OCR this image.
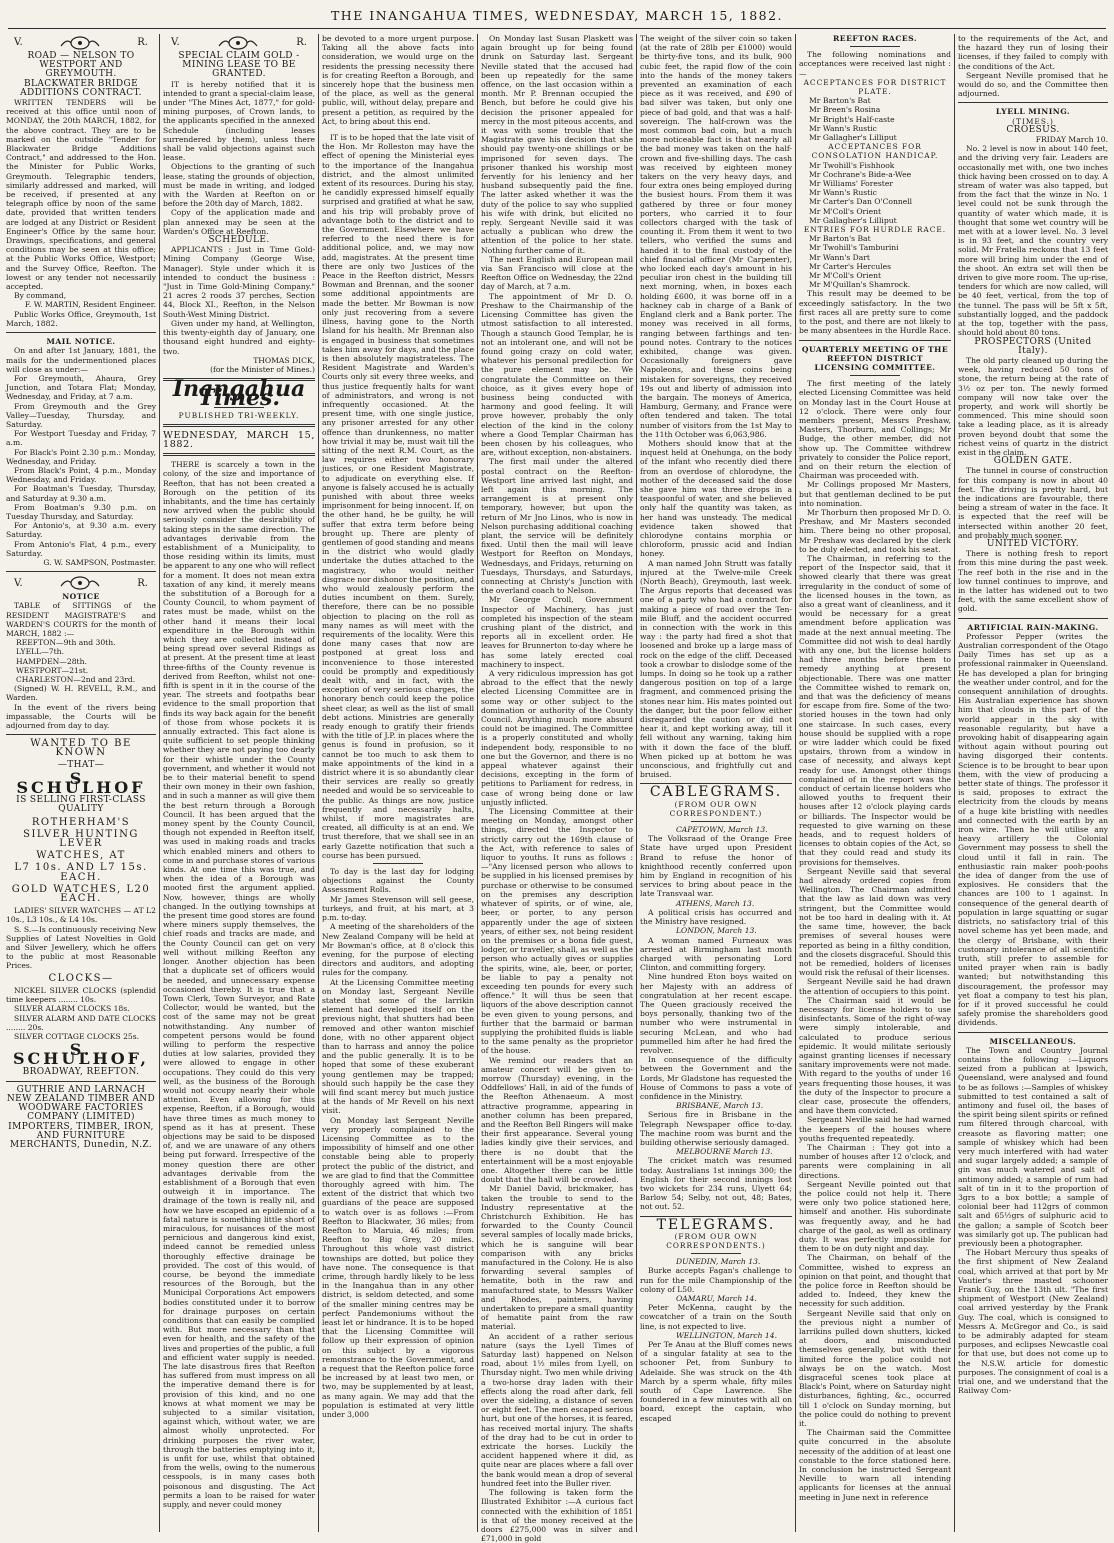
THE INANGAHUA TIMES, WEDNESDAY, MARCH 15, 1882.
V.	R.
ROAD — NELSON TO WESTPORT AND GREYMOUTH.
BLACKWATER BRIDGE ADDITIONS CONTRACT.

WRITTEN TENDERS will be received at this office until noon of MONDAY, the 20th MARCH, 1882, for the above contract. They are to be marked on the outside "Tender for Blackwater Bridge Additions Contract," and addressed to the Hon. the Minister for Public Works, Greymouth. Telegraphic tenders, similarly addressed and marked, will be received, if presented at any telegraph office by noon of the same date, provided that written tenders are lodged at any District or Resident Engineer's Office by the same hour. Drawings, specifications, and general conditions may be seen at this office; at the Public Works Office, Westport; and the Survey Office, Reefton. The lowest or any tender not necessarily accepted.

By command,

F. W. MARTIN, Resident Engineer.

Public Works Office, Greymouth, 1st March, 1882.

MAIL NOTICE.

On and after 1st January, 1881, the mails for the undermentioned places will close as under:—

For Greymouth, Ahaura, Grey Junction, and Totara Flat; Monday, Wednesday, and Friday, at 7 a.m.

From Greymouth and the Grey Valley—Tuesday, Thursday, and Saturday.

For Westport Tuesday and Friday, 7 a.m.

For Black's Point 2.30 p.m.: Monday, Wednesday, and Friday.

From Black's Point, 4 p.m., Monday Wednesday, and Friday.

For Boatman's Tuesday, Thursday, and Saturday at 9.30 a.m.

From Boatman's 9.30 p.m. on Tuesday Thursday, and Saturday.

For Antonio's, at 9.30 a.m. every Saturday.

From Antonio's Flat, 4 p.m., every Saturday.

G. W. SAMPSON, Postmaster.
V.	R.
NOTICE

TABLE of SITTINGS of the RESIDENT MAGISTRATE'S and WARDEN'S COURTS for the month of MARCH, 1882 :—

REEFTON—9th and 30th.

LYELL—7th.

HAMPDEN—28th.

WESTPORT—21st.

CHARLESTON—2nd and 23rd.

(Signed) W. H. REVELL, R.M., and Warden.

In the event of the rivers being impassable, the Courts will be adjourned from day to day.

WANTED TO BE KNOWN
—THAT—
S. SCHULHOF
IS SELLING FIRST-CLASS
QUALITY
ROTHERHAM'S
SILVER HUNTING LEVER
WATCHES, AT
L7 10s. AND L7 15s. EACH.
GOLD WATCHES, L20 EACH.

LADIES' SILVER WATCHES — AT L2 10s., L3 10s., & L4 10s.

S. S.—Is continuously receiving New Supplies of Latest Novelties in Gold and Silver Jewellery, which he offers to the public at most Reasonable Prices.

CLOCKS—

NICKEL SILVER CLOCKS (splendid time keepers ........ 10s.

SILVER ALARM CLOCKS 18s.

SILVER ALARM AND DATE CLOCKS ........ 20s.

SILVER COTTAGE CLOCKS 25s.

S. SCHULHOF,
BROADWAY, REEFTON.
GUTHRIE AND LARNACH NEW ZEALAND TIMBER AND WOODWARE FACTORIES COMPANY (LIMITED)
IMPORTERS, TIMBER, IRON, AND FURNITURE MERCHANTS, Dunedin, N.Z.
V.	R.
SPECIAL CLAIM GOLD - MINING LEASE TO BE GRANTED.

IT is hereby notified that it is intended to grant a special-claim lease, under "The Mines Act, 1877," for gold-mining purposes, of Crown lands, to the applicants specified in the annexed Schedule (including leases surrendered by them), unless there shall be valid objections against such lease.

Objections to the granting of such lease, stating the grounds of objection, must be made in writing, and lodged with the Warden at Reefton on or before the 20th day of March, 1882.

Copy of the application made and plan annexed may be seen at the Warden's Office at Reefton.

SCHEDULE.

APPLICANTS : Just in Time Gold-Mining Company (George Wise, Manager). Style under which it is intended to conduct the business : "Just in Time Gold-Mining Company." 21 acres 2 roods 37 perches, Section 44, Block XI., Reefton, in the Nelson South-West Mining District.

Given under my hand, at Wellington, this twenty-eighth day of January, one thousand eight hundred and eighty-two.

THOMAS DICK,
(for the Minister of Mines.)
Inangahua Times.
PUBLISHED TRI-WEEKLY.
WEDNESDAY, MARCH 15, 1882.

THERE is scarcely a town in the colony, of the size and importance of Reefton, that has not been created a Borough on the petition of its inhabitants, and the time has certainly now arrived when the public should seriously consider the desirability of taking steps in the same direction. The advantages derivable from the establishment of a Municipality, to those residing within its limits, must be apparent to any one who will reflect for a moment. It does not mean extra taxation of any kind, it merely means the substitution of a Borough for a County Council, to whom payment of rates must be made, whilst on the other hand it means their local expenditure in the Borough within which they are collected instead of being spread over several Ridings as at present. At the present time at least three-fifths of the County revenue is derived from Reefton, whilst not one-fifth is spent in it in the course of the year. The streets and footpaths bear evidence to the small proportion that finds its way back again for the benefit of those from whose pockets it is annually extracted. This fact alone is quite sufficient to set people thinking whether they are not paying too dearly for their whistle under the County government, and whether it would not be to their material benefit to spend their own money in their own fashion, and in such a manner as will give them the best return through a Borough Council. It has been argued that the money spent by the County Council, though not expended in Reefton itself, was used in making roads and tracks which enabled miners and others to come in and purchase stores of various kinds. At one time this was true, and when the idea of a Borough was mooted first the argument applied. Now, however, things are wholly changed. In the outlying townships at the present time good stores are found where miners supply themselves, the chief roads and tracks are made, and the County Council can get on very well without milking Reefton any longer. Another objection has been that a duplicate set of officers would be needed, and unnecessary expense occasioned thereby. It is true that a Town Clerk, Town Surveyor, and Rate Collector, would be wanted, but the cost of the same may not be great notwithstanding. Any number of competent persons would be found willing to perform the respective duties at low salaries, provided they were allowed to engage in other occupations. They could do this very well, as the business of the Borough would not occupy nearly their whole attention. Even allowing for this expense, Reefton, if a Borough, would have three times as much money to spend as it has at present. These objections may be said to be disposed of, and we are unaware of any others being put forward. Irrespective of the money question there are other advantages derivable from the establishment of a Borough that even outweigh it in importance. The drainage of the town is really nil, and how we have escaped an epidemic of a fatal nature is something little short of miraculous, for nuisances of the most pernicious and dangerous kind exist, indeed cannot be remedied unless thoroughly effective drainage be provided. The cost of this would, of course, be beyond the immediate resources of the Borough, but the Municipal Corporations Act empowers bodies constituted under it to borrow for drainage purposes on certain conditions that can easily be complied with. But more necessary than that even for health, and the safety of the lives and properties of the public, a full and efficient water supply is needed. The late disastrous fires that Reefton has suffered from must impress on all the imperative demand there is for provision of this kind, and no one knows at what moment we may be subjected to a similar visitation, against which, without water, we are almost wholly unprotected. For drinking purposes the river water, through the batteries emptying into it, is unfit for use, whilst that obtained from the wells, owing to the numerous cesspools, is in many cases both poisonous and disgusting. The Act permits a loan to be raised for water supply, and never could money

be devoted to a more urgent purpose. Taking all the above facts into consideration, we would urge on the residents the pressing necessity there is for creating Reefton a Borough, and sincerely hope that the business men of the place, as well as the general public, will, without delay, prepare and present a petition, as required by the Act, to bring about this end.

IT is to be hoped that the late visit of the Hon. Mr Rolleston may have the effect of opening the Ministerial eyes to the importance of the Inangahua district, and the almost unlimited extent of its resources. During his stay, he candidly expressed himself equally surprised and gratified at what he saw, and his trip will probably prove of advantage both to the district and to the Government. Elsewhere we have referred to the need there is for additional police, and, we may now add, magistrates. At the present time there are only two Justices of the Peace in the Reefton district, Messrs Bowman and Brennan, and the sooner some additional appointments are made the better. Mr Bowman is now only just recovering from a severe illness, having gone to the North Island for his health. Mr Brennan also is engaged in business that sometimes takes him away for days, and the place is then absolutely magistrateless. The Resident Magistrate and Warden's Courts only sit every three weeks, and thus justice frequently halts for want of administrators, and wrong is not infrequently occasioned. At the present time, with one single justice, any prisoner arrested for any other offence than drunkenness, no matter how trivial it may be, must wait till the sitting of the next R.M. Court, as the law requires either two honorary justices, or one Resident Magistrate, to adjudicate on everything else. If anyone is falsely accused he is actually punished with about three weeks imprisonment for being innocent. If, on the other hand, he be guilty, he will suffer that extra term before being brought up. There are plenty of gentlemen of good standing and means in the district who would gladly undertake the duties attached to the magistracy, who would neither disgrace nor dishonor the position, and who would zealously perform the duties incumbent on them. Surely, therefore, there can be no possible objection to placing on the roll as many names as will meet with the requirements of the locality. Were this done many cases that now are postponed at great loss and inconvenience to those interested could be promptly and expeditiously dealt with, and in fact, with the exception of very serious charges, the honorary bench could keep the police sheet clear, as well as the list of small debt actions. Ministries are generally ready enough to gratify their friends with the title of J.P. in places where the genus is found in profusion, so it cannot be too much to ask them to make appointments of the kind in a district where it is so abundantly clear their services are really so greatly needed and would be so serviceable to the public. As things are now, justice frequently and necessarily halts, whilst, if more magistrates are created, all difficulty is at an end. We trust therefore, that we shall see in an early Gazette notification that such a course has been pursued.

To day is the last day for lodging objections against the County Assessment Rolls.

Mr James Stevenson will sell geese, turkeys, and fruit, at his mart, at 3 p.m. to-day.

A meeting of the shareholders of the New Zealand Company will be held at Mr Bowman's office, at 8 o'clock this evening, for the purpose of electing directors and auditors, and adopting rules for the company.

At the Licensing Committee meeting on Monday last, Sergeant Neville stated that some of the larrikin element had developed itself on the previous night, that shutters had been removed and other wanton mischief done, with no other apparent object than to harrass and annoy the police and the public generally. It is to be hoped that some of these exuberant young gentlemen may be trapped; should such happily be the case they will find scant mercy but much justice at the hands of Mr Revell on his next visit.

On Monday last Sergeant Neville very properly complained to the Licensing Committee as to the impossibility of himself and one other constable being able to properly protect the public of the district, and we are glad to find that the Committee thoroughly agreed with him. The extent of the district that which two guardians of the peace are supposed to watch over is as follows :—From Reefton to Blackwater, 36 miles; from Reefton to Maruia, 46 miles; from Reefton to Big Grey, 20 miles. Throughout this whole vast district townships are dotted, but police they have none. The consequence is that crime, through hardly likely to be less in the Inangahua than in any other district, is seldom detected, and some of the smaller mining centres may be perfect Pandemoniums without the least let or hindrance. It is to be hoped that the Licensing Committee will follow up their expression of opinion on this subject by a vigorous remonstrance to the Government, and a request that the Reefton police force be increased by at least two men, or two, may be supplemented by at least, as many again. We may add that the population is estimated at very little under 3,000

On Monday last Susan Plaskett was again brought up for being found drunk on Saturday last. Sergeant Neville stated that the accused had been up repeatedly for the same offence, on the last occasion within a month. Mr P. Brennan occupied the Bench, but before he could give his decision the prisoner appealed for mercy in the most piteous accents, and it was with some trouble that the Magistrate gave his decision that she should pay twenty-one shillings or be imprisoned for seven days. The prisoner thanked his worship most fervently for his leniency and her husband subsequently paid the fine. The latter asked whether it was the duty of the police to say who supplied his wife with drink, but elicited no reply. Sergeant Neville said it was actually a publican who drew the attention of the police to her state. Nothing further came of it.

The next English and European mail via San Francisco will close at the Reefton Office on Wednesday, the 22nd day of March, at 7 a.m.

The appointment of Mr D. O. Preshaw to the Chairmanship of the Licensing Committee has given the utmost satisfaction to all interested. Though a staunch Good Templar, he is not an intolerant one, and will not be found going crazy on cold water, whatever his personal predilection for the pure element may be. We congratulate the Committee on their choice, as it gives every hope of business being conducted with harmony and good feeling. It will prove however, probably the only election of the kind in the colony where a Good Templar Chairman has been chosen by his colleagues, who are, without exception, non-abstainers.

The first mail under the altered postal contract on the Reefton-Westport line arrived last night, and left again this morning. The arrangement is at present only temporary, however, but upon the return of Mr Jno Linos, who is now in Nelson purchasing additional coaching plant, the service will be definitely fixed. Until then the mail will leave Westport for Reefton on Mondays, Wednesdays, and Fridays, returning on Tuesdays, Thursdays, and Saturdays, connecting at Christy's Junction with the overland coach to Nelson.

Mr George Croll, Government Inspector of Machinery, has just completed his inspection of the steam crushing plant of the district, and reports all in excellent order. He leaves for Brunnerton to-day where he has some lately erected coal machinery to inspect.

A very ridiculous impression has got abroad to the effect that the newly elected Licensing Committee are in some way or other subject to the domination or authority of the County Council. Anything much more absurd could not be imagined. The Committee is a properly constituted and wholly independent body, responsible to no one but the Governor, and there is no appeal whatever against their decisions, excepting in the form of petitions to Parliament for redress, in case of wrong being done or law unjustly inflicted.

The Licensing Committee at their meeting on Monday, amongst other things, directed the Inspector to strictly carry out the 169th clause of the Act, with reference to sales of liquor to youths. It runs as follows :—"Any licensed person who allows to be supplied in his licensed premises by purchase or otherwise to be consumed on the premises any description whatever of spirits, or of wine, ale, beer, or porter, to any person apparently under the age of sixteen years, of either sex, not being resident on the premises or a bona fide guest, lodger, or traveller, shall, as well as the person who actually gives or supplies the spirits, wine, ale, beer, or porter, be liable to pay a penalty not exceeding ten pounds for every such offence." It will thus be seen that liquors of the above description cannot be even given to young persons, and further that the barmaid or barman supplying the prohibited fluids is liable to the same penalty as the proprietor of the house.

We remind our readers that an amateur concert will be given to-morrow (Thursday) evening, in the Oddfellows' Hall, in aid of the funds of the Reefton Athenaeum. A most attractive programme, appearing in another column has been prepared, and the Reefton Bell Ringers will make their first appearance. Several young ladies kindly give their services, and there is no doubt that the entertainment will be a most enjoyable one. Altogether there can be little doubt that the hall will be crowded.

Mr Daniel David, brickmaker, has taken the trouble to send to the Industry representative at the Christchurch Exhibition. He has forwarded to the County Council several samples of locally made bricks, which he is sanguine will bear comparison with any bricks manufactured in the Colony. He is also forwarding several samples of hematite, both in the raw and manufactured state, to Messrs Walker and Rhodes, painters, having undertaken to prepare a small quantity of hematite paint from the raw material.

An accident of a rather serious nature (says the Lyell Times of Saturday last) happened on Nelson road, about 1½ miles from Lyell, on Thursday night. Two men while driving a two-horse dray laden with their effects along the road after dark, fell over the sideling, a distance of seven or eight feet. The men escaped serious hurt, but one of the horses, it is feared, has received mortal injury. The shafts of the dray had to be cut in order to extricate the horses. Luckily the accident happened where it did, as quite near are places where a fall over the bank would mean a drop of several hundred feet into the Buller river.

The following is taken form the Illustrated Exhibitor :—A curious fact connected with the exhibition of 1851 is that of the money received at the doors £275,000 was in silver and £71,000 in gold

The weight of the silver coin so taken (at the rate of 28lb per £1000) would be thirty-five tons, and its bulk, 900 cubic feet, the rapid flow of the coin into the hands of the money takers prevented an examination of each piece as it was received, and £90 of bad silver was taken, but only one piece of bad gold, and that was a half-sovereign. The half-crown was the most common bad coin, but a much more noticeable fact is that nearly all the bad money was taken on the half-crown and five-shilling days. The cash was received by eighteen money takers on the very heavy days, and four extra ones being employed during the busiest hours. From them it was gathered by three or four money porters, who carried it to four collectors charged with the task of counting it. From them it went to two tellers, who verified the sums and handed it to the final custody of the chief financial officer (Mr Carpenter), who locked each day's amount in his peculiar iron chest in the building till next morning, when, in boxes each holding £600, it was borne off in a hackney cab in charge of a Bank of England clerk and a Bank porter. The money was received in all forms, ranging between farthings and ten-pound notes. Contrary to the notices exhibited, change was given. Occasionally foreigners gave Napoleons, and these coins being mistaken for sovereigns, they received 19s out and liberty of admission into the bargain. The moneys of America, Hamburg, Germany, and France were often tendered and taken. The total number of visitors from the 1st May to the 11th October was 6,063,986.

Mothers should know that at the inquest held at Onehunga, on the body of the infant who recently died there from an overdose of chlorodyne, the mother of the deceased said the dose she gave him was three drops in a teaspoonful of water, and she believed only half the quantity was taken, as her hand was unsteady. The medical evidence taken showed that chlorodyne contains morphia or chloroform, prussic acid and Indian honey.

A man named John Strutt was fatally injured at the Twelve-mile Creek (North Beach), Greymouth, last week. The Argus reports that deceased was one of a party who had a contract for making a piece of road over the Ten-mile Bluff, and the accident occurred in connection with the work in this way : the party had fired a shot that loosened and broke up a large mass of rock on the edge of the cliff. Deceased took a crowbar to dislodge some of the lumps. In doing so he took up a rather dangerous position on top of a large fragment, and commenced prising the stones near him. His mates pointed out the danger, but the poor fellow either disregarded the caution or did not hear it, and kept working away, till it fell without any warning, taking him with it down the face of the bluff. When picked up at bottom he was unconscious, and frightfully cut and bruised.

CABLEGRAMS.
(FROM OUR OWN CORRESPONDENT.)

CAPETOWN, March 13.

The Volksraad of the Orange Free State have urged upon President Brand to refuse the honor of knighthood recently conferred upon him by England in recognition of his services to bring about peace in the late Transvaal war.

ATHENS, March 13.

A political crisis has occurred and the Ministry have resigned.

LONDON, March 13.

A woman named Furneaux was arrested at Birmingham last month charged with personating Lord Clinton, and committing forgery.

Nine hundred Eton boys waited on her Majesty with an address of congratulation at her recent escape. The Queen graciously received the boys personally, thanking two of the number who were instrumental in securing McLean, and who had pummelled him after he had fired the revolver.

In consequence of the difficulty between the Government and the Lords, Mr Gladstone has requested the House of Commons to pass a vote of confidence in the Ministry.

BRISBANE, March 13.

Serious fire in Brisbane in the Telegraph Newspaper office to-day. The machine room was burnt and the building otherwise seriously damaged.

MELBOURNE March 13.

The cricket match was resumed today. Australians 1st innings 300; the English for their second innings lost two wickets for 234 runs, Ulyett 64; Barlow 54; Selby, not out, 48; Bates, not out. 52.

TELEGRAMS.
(FROM OUR OWN CORRESPONDENTS.)

DUNEDIN, March 13.

Burke accepts Fagan's challenge to run for the mile Championship of the colony of L50.

OAMARU, March 14.

Peter McKenna, caught by the cowcatcher of a train on the South line, is not expected to live.

WELLINGTON, March 14.

Per Te Anau at the Bluff comes news of a singular fatality at sea to the schooner Pet, from Sunbury to Adelaide. She was struck on the 4th March by a sperm whale, fifty miles south of Cape Lawrence. She foundered in a few minutes with all on board, except the captain, who escaped

REEFTON RACES.

The following nominations and acceptances were received last night :—

ACCEPTANCES FOR DISTRICT PLATE.
Mr Barton's Bat
Mr Breen's Rosina
Mr Bright's Half-caste
Mr Wann's Rustic
Mr Gallagher's Lilliput
ACCEPTANCES FOR CONSOLATION HANDICAP.
Mr Twohill's Fishhook
Mr Cochrane's Bide-a-Wee
Mr Williams' Forester
Mr Wann's Rustic
Mr Carter's Dan O'Connell
Mr M'Coll's Orient
Mr Gallagher's Lilliput
ENTRIES FOR HURDLE RACE.
Mr Barton's Bat
Mr Twohill's Tamburini
Mr Wann's Dart
Mr Carter's Hercules
Mr M'Coll's Orient
Mr M'Quillan's Shamrock.

This result may be deemed to be exceedingly satisfactory. In the two first races all are pretty sure to come to the post, and there are not likely to be many absentees in the Hurdle Race.

QUARTERLY MEETING OF THE REEFTON DISTRICT LICENSING COMMITTEE.

The first meeting of the lately elected Licensing Committee was held on Monday last in the Court House at 12 o'clock. There were only four members present, Messrs Preshaw, Masters, Thorburn, and Collings; Mr Budge, the other member, did not show up. The Committee withdrew privately to consider the Police report, and on their return the election of Chairman was proceeded with.

Mr Collings proposed Mr Masters, but that gentleman declined to be put into nomination.

Mr Thorburn then proposed Mr D. O. Preshaw, and Mr Masters seconded him. There being no other proposal, Mr Preshaw was declared by the clerk to be duly elected, and took his seat.

The Chairman, in referring to the report of the Inspector said, that it showed clearly that there was great irregularity in the conduct of some of the licensed houses in the town, as also a great want of cleanliness, and it would be necessary for a great amendment before application was made at the next annual meeting. The Committee did not wish to deal hardly with any one, but the license holders had three months before them to remedy anything at present objectionable. There was one matter the Committee wished to remark on, and that was the deficiency of means for escape from fire. Some of the two-storied houses in the town had only one staircase. In such cases, every house should be supplied with a rope or wire ladder which could be fixed upstairs, thrown from a window in case of necessity, and always kept ready for use. Amongst other things complained of in the report was the conduct of certain license holders who allowed youths to frequent their houses after 12 o'clock playing cards or billiards. The Inspector would be requested to give warning on these heads, and to request holders of licenses to obtain copies of the Act, so that they could read and study its provisions for themselves.

Sergeant Neville said that several had already ordered copies from Wellington. The Chairman admitted that the law as laid down was very stringent, but the Committee would not be too hard in dealing with it. At the same time, however, the back premises of several houses were reported as being in a filthy condition, and the closets disgraceful. Should this not be remedied, holders of licenses would risk the refusal of their licenses.

Sergeant Neville said he had drawn the attention of occupiers to this point.

The Chairman said it would be necessary for license holders to use disinfectants. Some of the right of-way were simply intolerable, and calculated to produce serious epidemic. It would militate seriously against granting licenses if necessary sanitary improvements were not made. With regard to the youths of under 16 years frequenting those houses, it was the duty of the Inspector to procure a clear case, prosecute the offenders, and have them convicted.

Sergeant Neville said he had warned the keepers of the houses where youths frequented repeatedly.

The Chairman : They got into a number of houses after 12 o'clock, and parents were complaining in all directions.

Sergeant Neville pointed out that the police could not help it. There were only two police stationed here, himself and another. His subordinate was frequently away, and he had charge of the gaol, as well as ordinary duty. It was perfectly impossible for them to be on duty night and day.

The Chairman, on behalf of the Committee, wished to express an opinion on that point, and thought that the police force in Reefton should be added to. Indeed, they knew the necessity for such addition.

Sergeant Neville said that only on the previous night a number of larrikins pulled down shutters, kicked at doors, and misconducted themselves generally, but with their limited force the police could not always be on the watch. Most disgraceful scenes took place at Black's Point, where on Saturday night disturbances, fighting, &c., occurred till 1 o'clock on Sunday morning, but the police could do nothing to prevent it.

The Chairman said the Committee quite concurred in the absolute necessity of the addition of at least one constable to the force stationed here. In conclusion he instructed Sergeant Neville to warn all intending applicants for licenses at the annual meeting in June next in reference

to the requirements of the Act, and the hazard they run of losing their licenses, if they failed to comply with the conditions of the Act.

Sergeant Neville promised that he would do so, and the Committee then adjourned.

LYELL MINING.
(TIMES.)
CROESUS.
FRIDAY March 10.

No. 2 level is now in about 140 feet, and the driving very fair. Leaders are occasionally met with, one two inches thick having been crossed on to day. A stream of water was also tapped, but from the fact that the winze in No. 1 level could not be sunk through the quantity of water which made, it is thought that some wet country will be met with at a lower level. No. 3 level is in 93 feet, and the country very solid. Mr Fratella reckons that 13 feet more will bring him under the end of the shoot. An extra set will then be driven to give more room. The up-rise, tenders for which are now called, will be 40 feet, vertical, from the top of the tunnel. The pass will be 5ft x 5ft, substantially logged, and the paddock at the top, together with the pass, should hold about 80 tons.

PROSPECTORS (United Italy).

The old party cleaned up during the week, having reduced 50 tons of stone, the return being at the rate of 3½ oz per ton. The newly formed company will now take over the property, and work will shortly be commenced. This mine should soon take a leading place, as it is already proven beyond doubt that some the richest veins of quartz in the district exist in the claim.

GOLDEN GATE.

The tunnel in course of construction for this company is now in about 40 feet. The driving is pretty hard, but the indications are favourable, there being a stream of water in the face. It is expected that the reef will be intersected within another 20 feet, and probably much sooner.

UNITED VICTORY.

There is nothing fresh to report from this mine during the past week. The reef both in the rise and in the low tunnel continues to improve, and in the latter has widened out to two feet, with the same excellent show of gold.

ARTIFICIAL RAIN-MAKING.

Professor Pepper (writes the Australian correspondent of the Otago Daily Times has set up as a professional rainmaker in Queensland. He has developed a plan for bringing the weather under control, and for the consequent annihilation of droughts. His Australian experience has shown him that clouds in this part of the world appear in the sky with reasonable regularity, but have a provoking habit of disappearing again without again without pouring out having disgorged their contents. Science is to be brought to bear upon them, with the view of producing a better state of things. The professor it is said, proposes to extract the electricity from the clouds by means of a huge kite bristling with needles and connected with the earth by an iron wire. Then he will utilise any heavy artillery the Colonial Government may possess to shell the cloud until it fall in rain. The enthusiastic rain maker pooh-poohs the idea of danger from the use of explosives. He considers that the chances are 100 to 1 against. In consequence of the general dearth of population in large squatting or sugar districts, no satisfactory trial of this novel scheme has yet been made, and the clergy of Brisbane, with their customary intolerance of all scientific truth, still prefer to assemble for united prayer when rain is badly wanted; but notwithstanding this discouragement, the professor may yet float a company to test his plan, for if it proved successful he could safely promise the shareholders good dividends.

MISCELLANEOUS.

The Town and Country Journal contains the following :—Liquors seized from a publican at Ipswich, Queensland, were analysed and found to be as follows :—Samples of whiskey submitted to test contained a salt of antimony and fusel oil, the bases of the spirit being silent spirits or refined rum filtered through charcoal, with creasote as flavoring matter; one sample of whiskey which had been very much interfered with had water and sugar largely added; a sample of gin was much watered and salt of antimony added; a sample of rum had salt of tin in it to the proportion of 3grs to a box bottle; a sample of colonial beer had 112grs of common salt and 65½grs of sulphuric acid to the gallon; a sample of Scotch beer was similarly got up. The publican had previously been a photographer.

The Hobart Mercury thus speaks of the first shipment of New Zealand coal, which arrived at that port by Mr Vautier's three masted schooner Frank Guy, on the 13th ult. "The first shipment of Westport (New Zealand) coal arrived yesterday by the Frank Guy. The coal, which is consigned to Messrs A. McGregor and Co., is said to be admirably adapted for steam purposes, and eclipses Newcastle coal for that use, but does not come up to the N.S.W. article for domestic purposes. The consignment of coal is a trial one, and we understand that the Railway Com-
